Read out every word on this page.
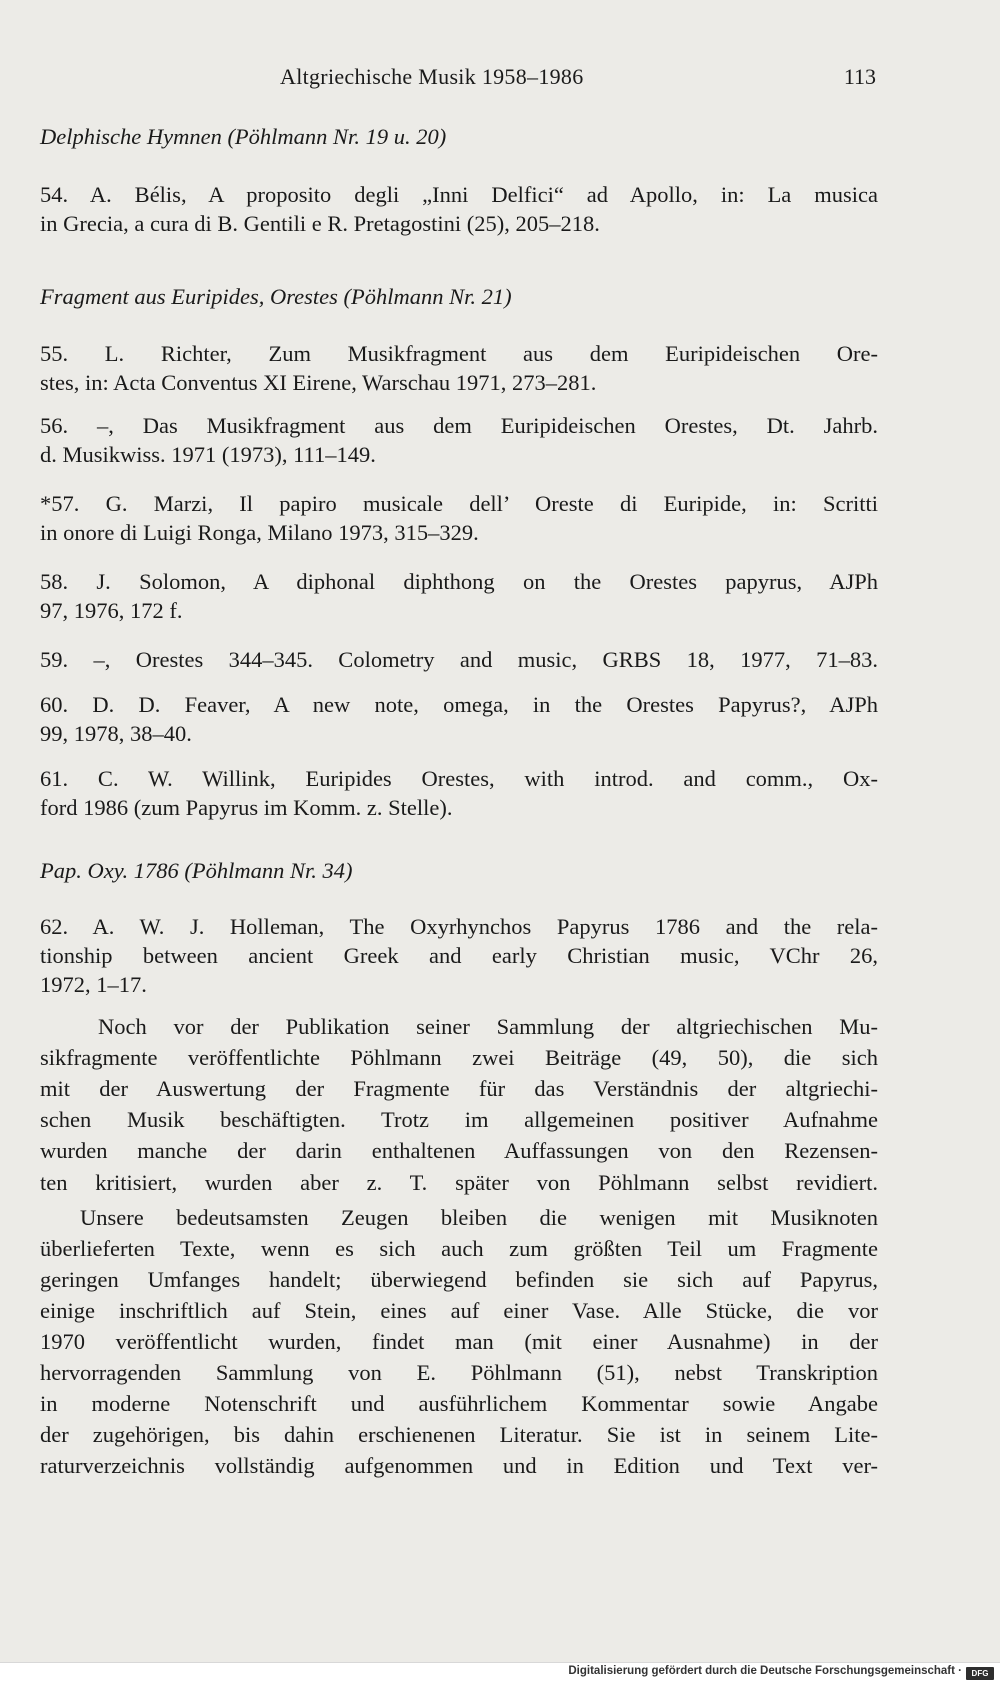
Altgriechische Musik 1958–1986	113
Delphische Hymnen (Pöhlmann Nr. 19 u. 20)
54. A. Bélis, A proposito degli „Inni Delfici“ ad Apollo, in: La musica
in Grecia, a cura di B. Gentili e R. Pretagostini (25), 205–218.
Fragment aus Euripides, Orestes (Pöhlmann Nr. 21)
55. L. Richter, Zum Musikfragment aus dem Euripideischen Ore-
stes, in: Acta Conventus XI Eirene, Warschau 1971, 273–281.
56. –, Das Musikfragment aus dem Euripideischen Orestes, Dt. Jahrb.
d. Musikwiss. 1971 (1973), 111–149.
*57. G. Marzi, Il papiro musicale dell’ Oreste di Euripide, in: Scritti
in onore di Luigi Ronga, Milano 1973, 315–329.
58. J. Solomon, A diphonal diphthong on the Orestes papyrus, AJPh
97, 1976, 172 f.
59. –, Orestes 344–345. Colometry and music, GRBS 18, 1977, 71–83.
60. D. D. Feaver, A new note, omega, in the Orestes Papyrus?, AJPh
99, 1978, 38–40.
61. C. W. Willink, Euripides Orestes, with introd. and comm., Ox-
ford 1986 (zum Papyrus im Komm. z. Stelle).
Pap. Oxy. 1786 (Pöhlmann Nr. 34)
62. A. W. J. Holleman, The Oxyrhynchos Papyrus 1786 and the rela-
tionship between ancient Greek and early Christian music, VChr 26,
1972, 1–17.
Noch vor der Publikation seiner Sammlung der altgriechischen Mu-
sikfragmente veröffentlichte Pöhlmann zwei Beiträge (49, 50), die sich
mit der Auswertung der Fragmente für das Verständnis der altgriechi-
schen Musik beschäftigten. Trotz im allgemeinen positiver Aufnahme
wurden manche der darin enthaltenen Auffassungen von den Rezensen-
ten kritisiert, wurden aber z. T. später von Pöhlmann selbst revidiert.
Unsere bedeutsamsten Zeugen bleiben die wenigen mit Musiknoten
überlieferten Texte, wenn es sich auch zum größten Teil um Fragmente
geringen Umfanges handelt; überwiegend befinden sie sich auf Papyrus,
einige inschriftlich auf Stein, eines auf einer Vase. Alle Stücke, die vor
1970 veröffentlicht wurden, findet man (mit einer Ausnahme) in der
hervorragenden Sammlung von E. Pöhlmann (51), nebst Transkription
in moderne Notenschrift und ausführlichem Kommentar sowie Angabe
der zugehörigen, bis dahin erschienenen Literatur. Sie ist in seinem Lite-
raturverzeichnis vollständig aufgenommen und in Edition und Text ver-
Digitalisierung gefördert durch die Deutsche Forschungsgemeinschaft ·	DFG
